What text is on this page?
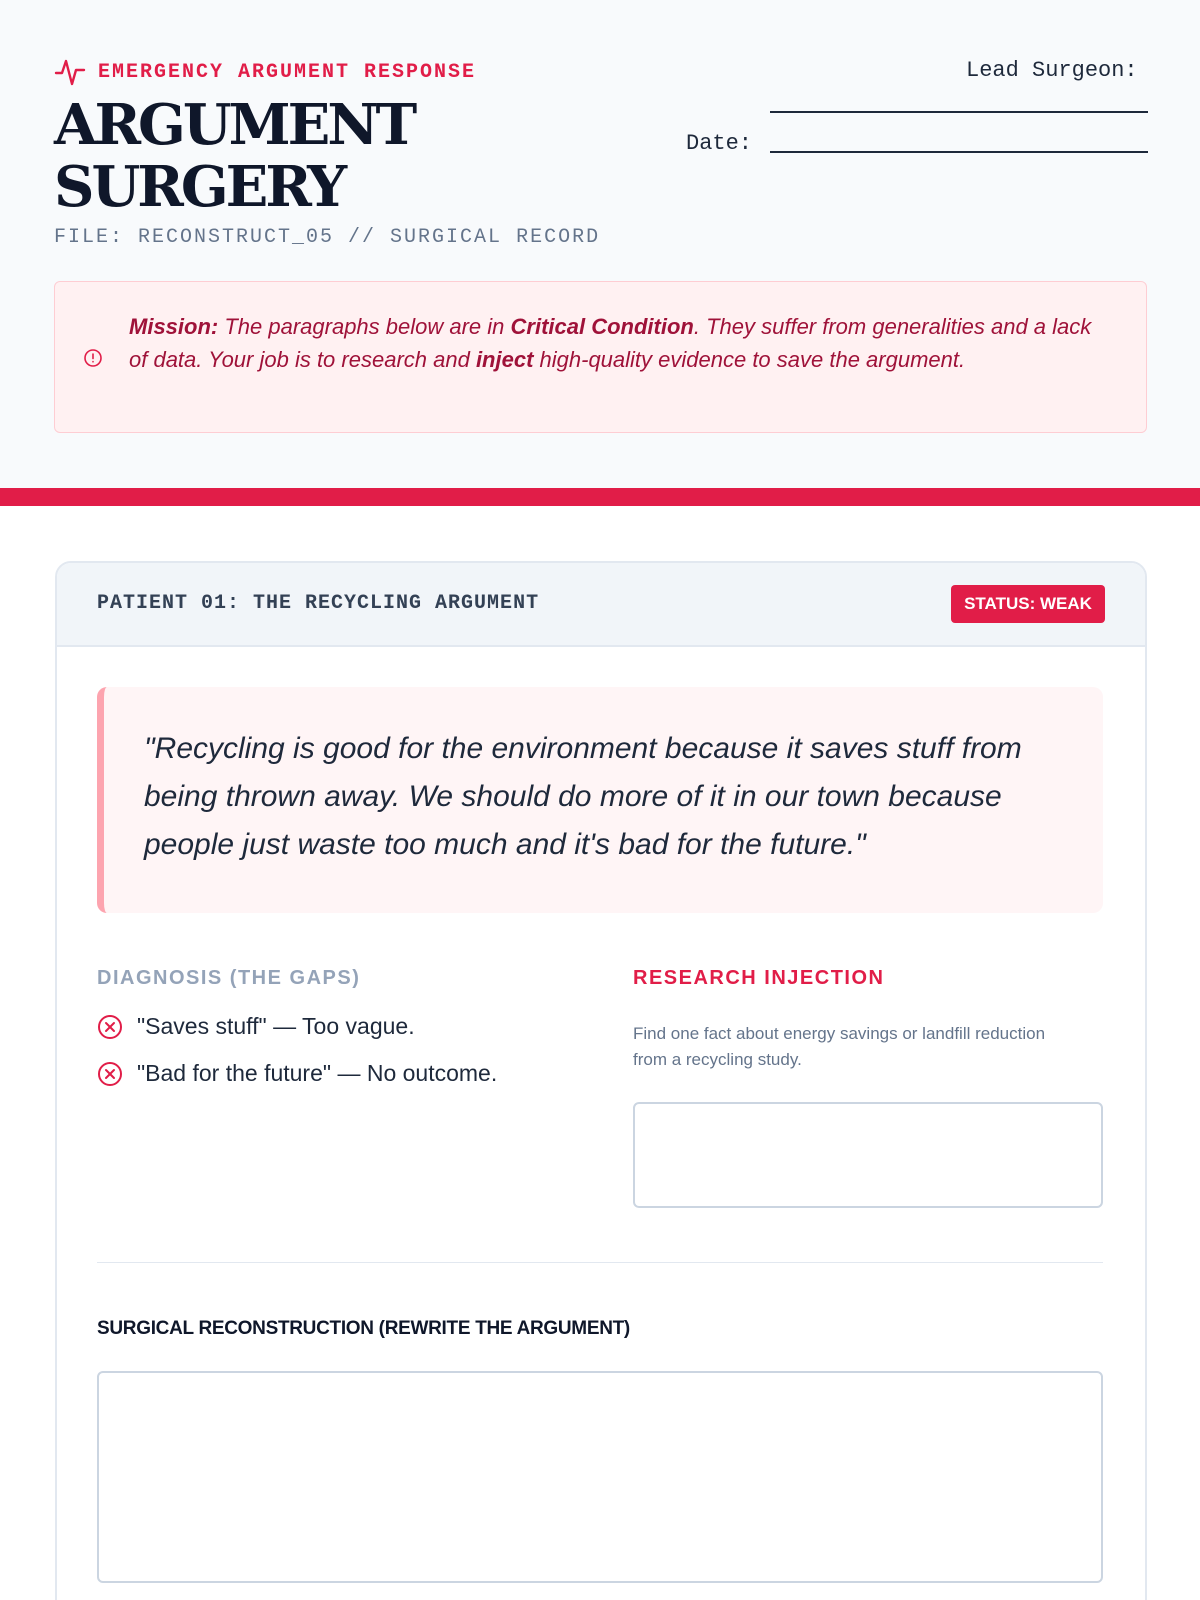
EMERGENCY ARGUMENT RESPONSE
ARGUMENT
SURGERY
FILE: RECONSTRUCT_05 // SURGICAL RECORD
Lead Surgeon:
Date:
Mission: The paragraphs below are in Critical Condition. They suffer from generalities and a lack of data. Your job is to research and inject high-quality evidence to save the argument.
PATIENT 01: THE RECYCLING ARGUMENT	STATUS: WEAK
"Recycling is good for the environment because it saves stuff from being thrown away. We should do more of it in our town because people just waste too much and it's bad for the future."
DIAGNOSIS (THE GAPS)
"Saves stuff" — Too vague.
"Bad for the future" — No outcome.
RESEARCH INJECTION
Find one fact about energy savings or landfill reduction from a recycling study.
SURGICAL RECONSTRUCTION (REWRITE THE ARGUMENT)
